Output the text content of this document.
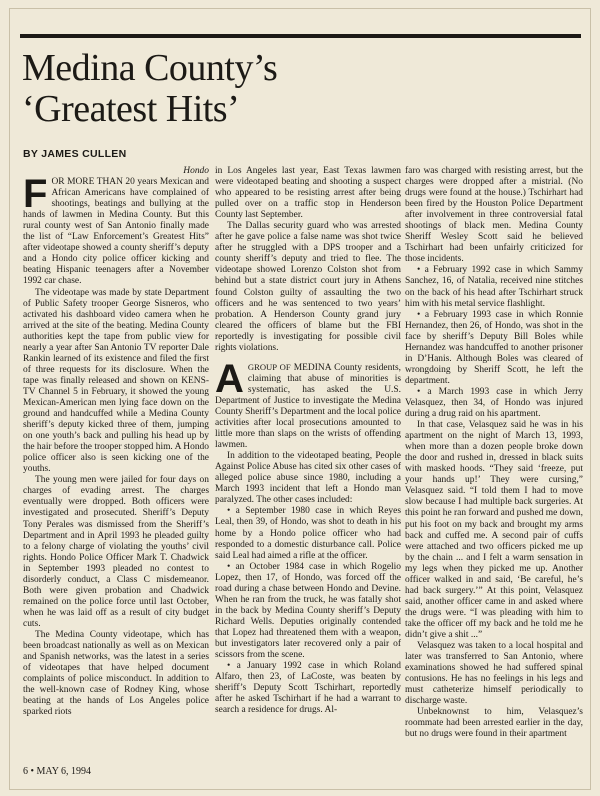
Medina County’s
‘Greatest Hits’
BY JAMES CULLEN
Hondo

FOR MORE THAN 20 years Mexican and African Americans have complained of shootings, beatings and bullying at the hands of lawmen in Medina County. But this rural county west of San Antonio finally made the list of “Law Enforcement’s Greatest Hits” after videotape showed a county sheriff’s deputy and a Hondo city police officer kicking and beating Hispanic teenagers after a November 1992 car chase.

The videotape was made by state Department of Public Safety trooper George Sisneros, who activated his dashboard video camera when he arrived at the site of the beating. Medina County authorities kept the tape from public view for nearly a year after San Antonio TV reporter Dale Rankin learned of its existence and filed the first of three requests for its disclosure. When the tape was finally released and shown on KENS-TV Channel 5 in February, it showed the young Mexican-American men lying face down on the ground and handcuffed while a Medina County sheriff’s deputy kicked three of them, jumping on one youth’s back and pulling his head up by the hair before the trooper stopped him. A Hondo police officer also is seen kicking one of the youths.

The young men were jailed for four days on charges of evading arrest. The charges eventually were dropped. Both officers were investigated and prosecuted. Sheriff’s Deputy Tony Perales was dismissed from the Sheriff’s Department and in April 1993 he pleaded guilty to a felony charge of violating the youths’ civil rights. Hondo Police Officer Mark T. Chadwick in September 1993 pleaded no contest to disorderly conduct, a Class C misdemeanor. Both were given probation and Chadwick remained on the police force until last October, when he was laid off as a result of city budget cuts.

The Medina County videotape, which has been broadcast nationally as well as on Mexican and Spanish networks, was the latest in a series of videotapes that have helped document complaints of police misconduct. In addition to the well-known case of Rodney King, whose beating at the hands of Los Angeles police sparked riots

in Los Angeles last year, East Texas lawmen were videotaped beating and shooting a suspect who appeared to be resisting arrest after being pulled over on a traffic stop in Henderson County last September.

The Dallas security guard who was arrested after he gave police a false name was shot twice after he struggled with a DPS trooper and a county sheriff’s deputy and tried to flee. The videotape showed Lorenzo Colston shot from behind but a state district court jury in Athens found Colston guilty of assaulting the two officers and he was sentenced to two years’ probation. A Henderson County grand jury cleared the officers of blame but the FBI reportedly is investigating for possible civil rights violations.

AGROUP OF MEDINA County residents, claiming that abuse of minorities is systematic, has asked the U.S. Department of Justice to investigate the Medina County Sheriff’s Department and the local police activities after local prosecutions amounted to little more than slaps on the wrists of offending lawmen.

In addition to the videotaped beating, People Against Police Abuse has cited six other cases of alleged police abuse since 1980, including a March 1993 incident that left a Hondo man paralyzed. The other cases included:

• a September 1980 case in which Reyes Leal, then 39, of Hondo, was shot to death in his home by a Hondo police officer who had responded to a domestic disturbance call. Police said Leal had aimed a rifle at the officer.

• an October 1984 case in which Rogelio Lopez, then 17, of Hondo, was forced off the road during a chase between Hondo and Devine. When he ran from the truck, he was fatally shot in the back by Medina County sheriff’s Deputy Richard Wells. Deputies originally contended that Lopez had threatened them with a weapon, but investigators later recovered only a pair of scissors from the scene.

• a January 1992 case in which Roland Alfaro, then 23, of LaCoste, was beaten by sheriff’s Deputy Scott Tschirhart, reportedly after he asked Tschirhart if he had a warrant to search a residence for drugs. Al-

faro was charged with resisting arrest, but the charges were dropped after a mistrial. (No drugs were found at the house.) Tschirhart had been fired by the Houston Police Department after involvement in three controversial fatal shootings of black men. Medina County Sheriff Wesley Scott said he believed Tschirhart had been unfairly criticized for those incidents.

• a February 1992 case in which Sammy Sanchez, 16, of Natalia, received nine stitches on the back of his head after Tschirhart struck him with his metal service flashlight.

• a February 1993 case in which Ronnie Hernandez, then 26, of Hondo, was shot in the face by sheriff’s Deputy Bill Boles while Hernandez was handcuffed to another prisoner in D’Hanis. Although Boles was cleared of wrongdoing by Sheriff Scott, he left the department.

• a March 1993 case in which Jerry Velasquez, then 34, of Hondo was injured during a drug raid on his apartment.

In that case, Velasquez said he was in his apartment on the night of March 13, 1993, when more than a dozen people broke down the door and rushed in, dressed in black suits with masked hoods. “They said ‘freeze, put your hands up!’ They were cursing,” Velasquez said. “I told them I had to move slow because I had multiple back surgeries. At this point he ran forward and pushed me down, put his foot on my back and brought my arms back and cuffed me. A second pair of cuffs were attached and two officers picked me up by the chain ... and I felt a warm sensation in my legs when they picked me up. Another officer walked in and said, ‘Be careful, he’s had back surgery.’” At this point, Velasquez said, another officer came in and asked where the drugs were. “I was pleading with him to take the officer off my back and he told me he didn’t give a shit ...”

Velasquez was taken to a local hospital and later was transferred to San Antonio, where examinations showed he had suffered spinal contusions. He has no feelings in his legs and must catheterize himself periodically to discharge waste.

Unbeknownst to him, Velasquez’s roommate had been arrested earlier in the day, but no drugs were found in their apartment

6 • MAY 6, 1994
